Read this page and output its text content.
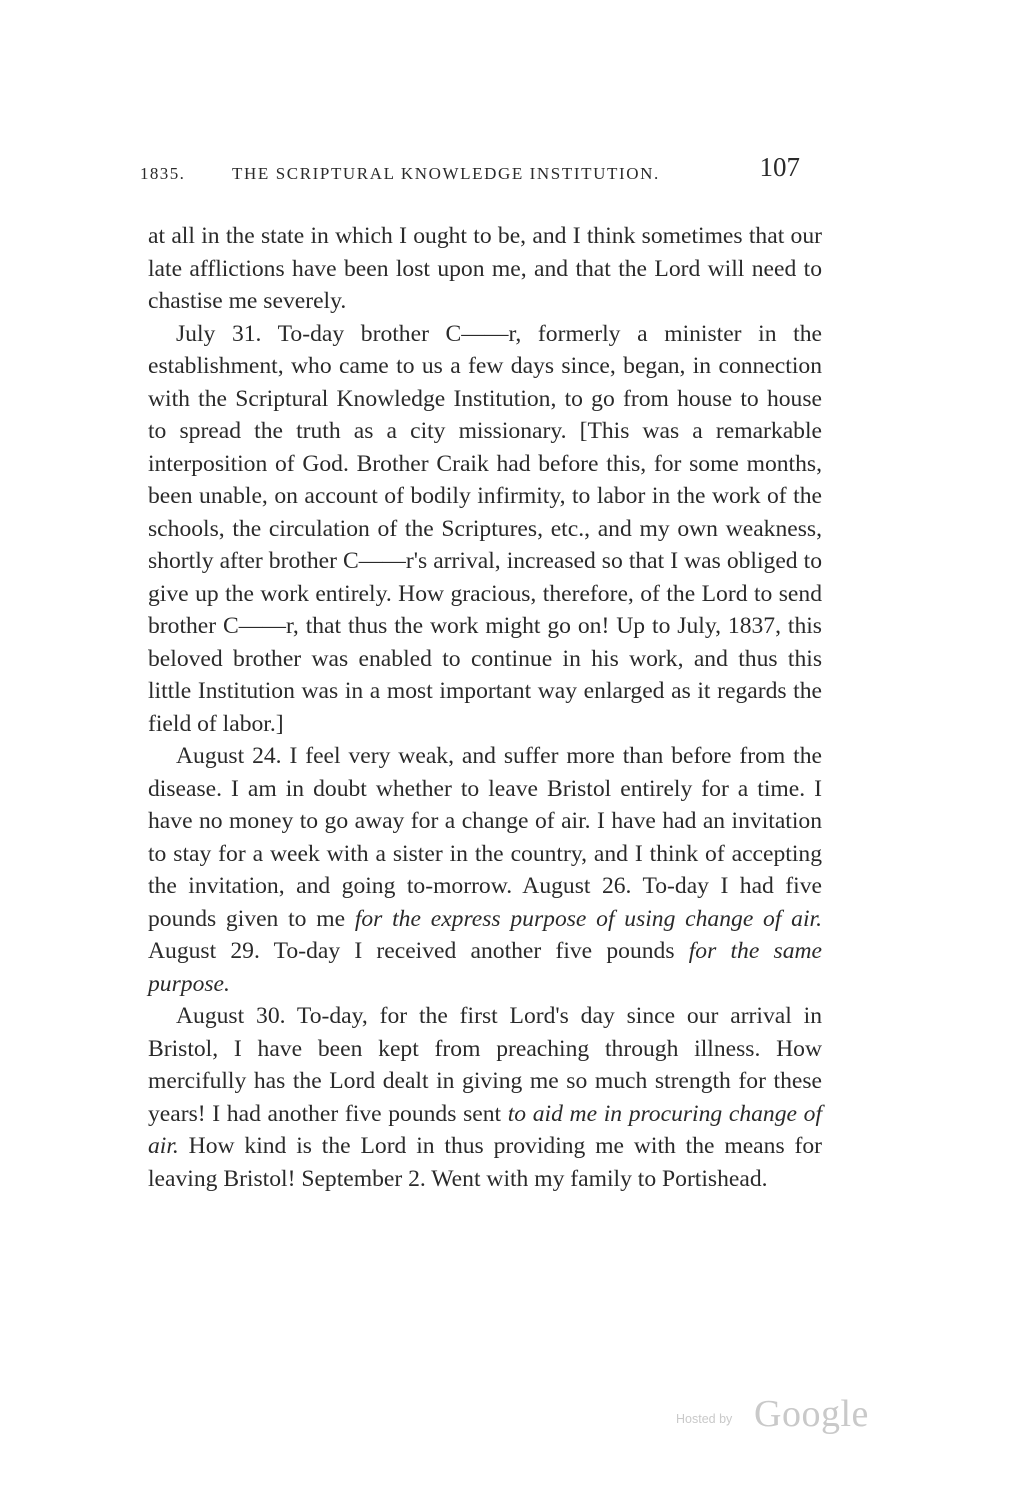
1835.	THE SCRIPTURAL KNOWLEDGE INSTITUTION.	107

at all in the state in which I ought to be, and I think sometimes that our late afflictions have been lost upon me, and that the Lord will need to chastise me severely.

July 31. To-day brother C——r, formerly a minister in the establishment, who came to us a few days since, began, in connection with the Scriptural Knowledge Institution, to go from house to house to spread the truth as a city missionary. [This was a remarkable interposition of God. Brother Craik had before this, for some months, been unable, on account of bodily infirmity, to labor in the work of the schools, the circulation of the Scriptures, etc., and my own weakness, shortly after brother C——r's arrival, increased so that I was obliged to give up the work entirely. How gracious, therefore, of the Lord to send brother C——r, that thus the work might go on! Up to July, 1837, this beloved brother was enabled to continue in his work, and thus this little Institution was in a most important way enlarged as it regards the field of labor.]

August 24. I feel very weak, and suffer more than before from the disease. I am in doubt whether to leave Bristol entirely for a time. I have no money to go away for a change of air. I have had an invitation to stay for a week with a sister in the country, and I think of accepting the invitation, and going to-morrow. August 26. To-day I had five pounds given to me for the express purpose of using change of air. August 29. To-day I received another five pounds for the same purpose.

August 30. To-day, for the first Lord's day since our arrival in Bristol, I have been kept from preaching through illness. How mercifully has the Lord dealt in giving me so much strength for these years! I had another five pounds sent to aid me in procuring change of air. How kind is the Lord in thus providing me with the means for leaving Bristol! September 2. Went with my family to Portishead.

Hosted by Google
